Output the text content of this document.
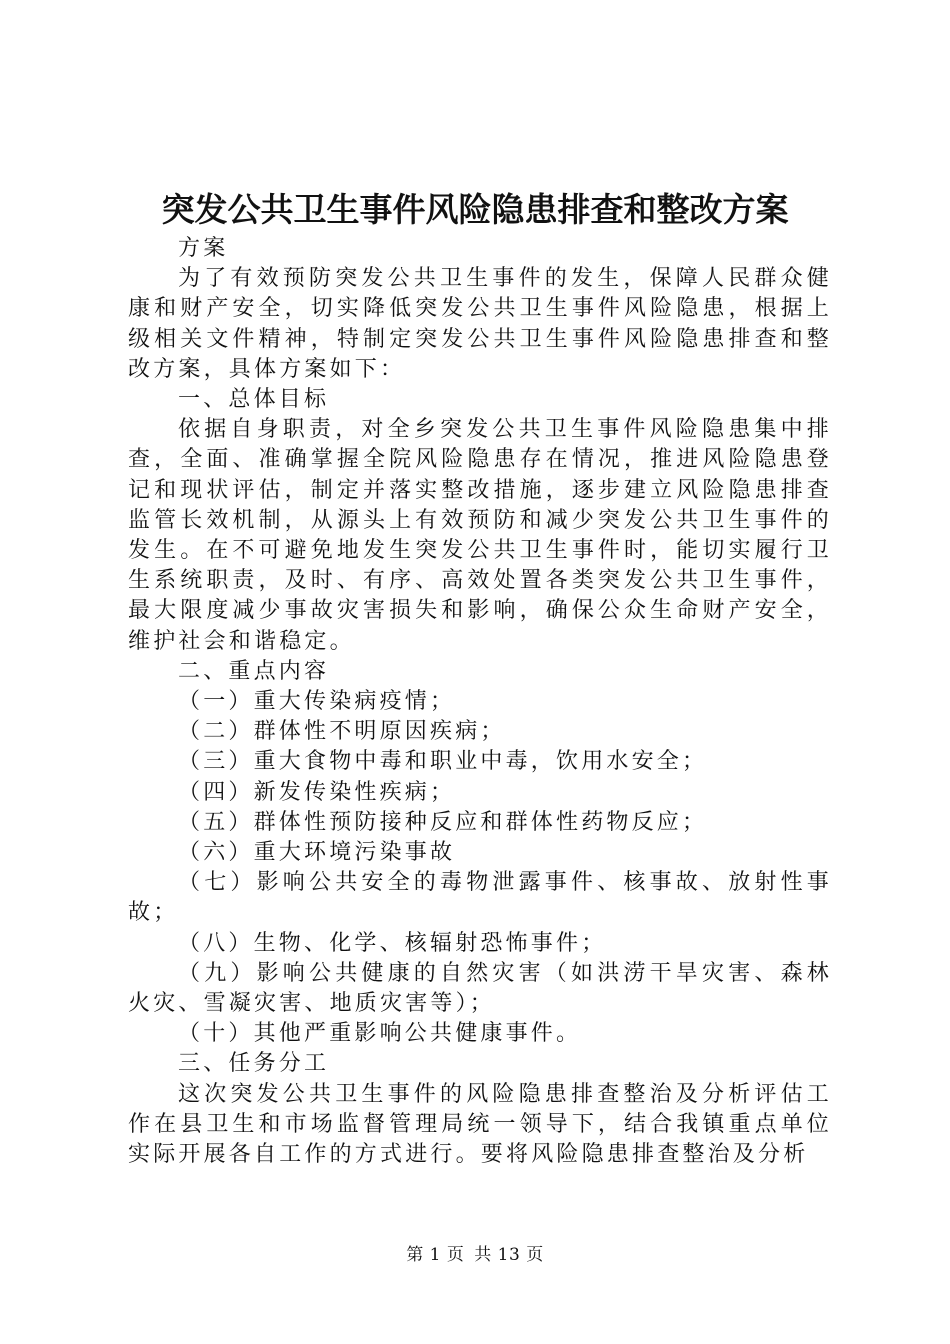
突发公共卫生事件风险隐患排查和整改方案

方案

为了有效预防突发公共卫生事件的发生，保障人民群众健康和财产安全，切实降低突发公共卫生事件风险隐患，根据上级相关文件精神，特制定突发公共卫生事件风险隐患排查和整改方案，具体方案如下：

一、总体目标

依据自身职责，对全乡突发公共卫生事件风险隐患集中排查，全面、准确掌握全院风险隐患存在情况，推进风险隐患登记和现状评估，制定并落实整改措施，逐步建立风险隐患排查监管长效机制，从源头上有效预防和减少突发公共卫生事件的发生。在不可避免地发生突发公共卫生事件时，能切实履行卫生系统职责，及时、有序、高效处置各类突发公共卫生事件，最大限度减少事故灾害损失和影响，确保公众生命财产安全，维护社会和谐稳定。

二、重点内容

（一）重大传染病疫情；

（二）群体性不明原因疾病；

（三）重大食物中毒和职业中毒，饮用水安全；

（四）新发传染性疾病；

（五）群体性预防接种反应和群体性药物反应；

（六）重大环境污染事故

（七）影响公共安全的毒物泄露事件、核事故、放射性事故；

（八）生物、化学、核辐射恐怖事件；

（九）影响公共健康的自然灾害（如洪涝干旱灾害、森林火灾、雪凝灾害、地质灾害等）；

（十）其他严重影响公共健康事件。

三、任务分工

这次突发公共卫生事件的风险隐患排查整治及分析评估工作在县卫生和市场监督管理局统一领导下，结合我镇重点单位实际开展各自工作的方式进行。要将风险隐患排查整治及分析

第 1 页 共 13 页
